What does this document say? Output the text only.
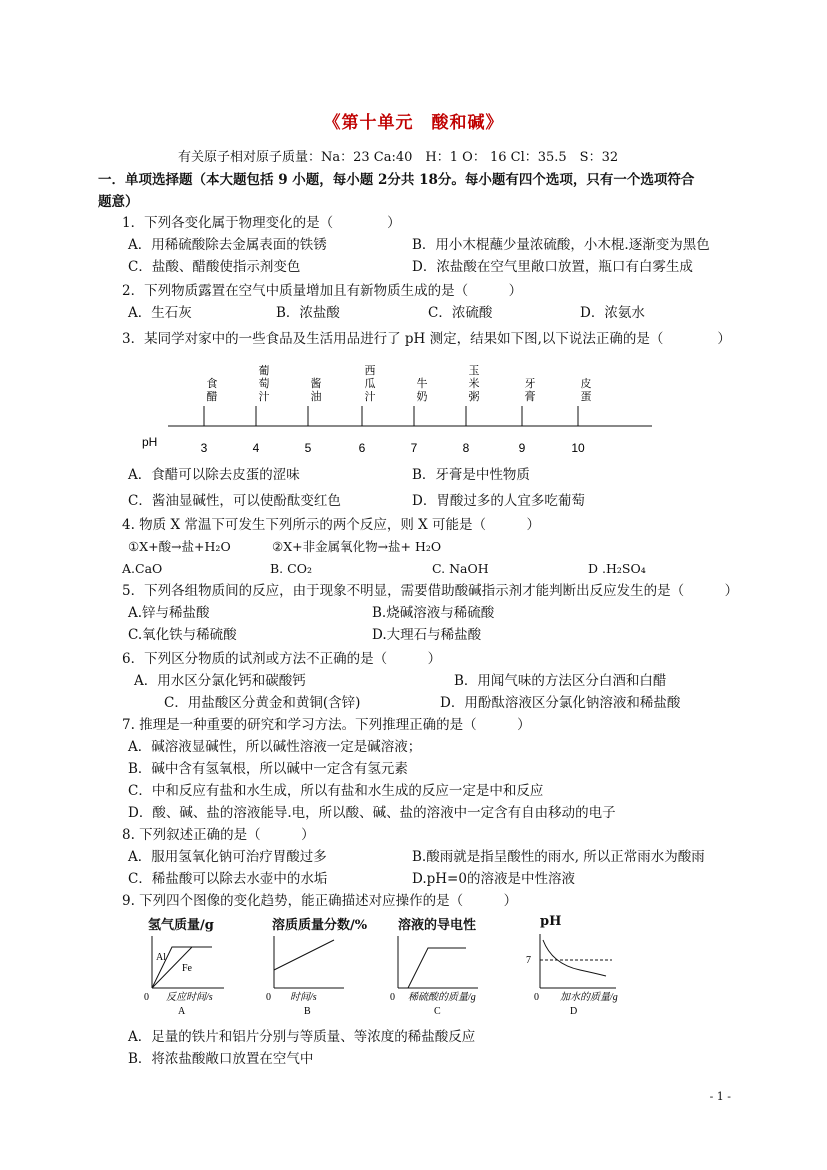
《第十单元　酸和碱》
有关原子相对原子质量：Na：23 Ca:40　H：1 O： 16 Cl：35.5　S：32
一．单项选择题（本大题包括 9 小题，每小题 2分共 18分。每小题有四个选项，只有一个选项符合
题意）
1．下列各变化属于物理变化的是（　　　　）
A．用稀硫酸除去金属表面的铁锈	B．用小木棍蘸少量浓硫酸，小木棍.逐渐变为黑色
C．盐酸、醋酸使指示剂变色	D．浓盐酸在空气里敞口放置，瓶口有白雾生成
2．下列物质露置在空气中质量增加且有新物质生成的是（　　　）
A．生石灰	B．浓盐酸	C．浓硫酸	D．浓氨水
3．某同学对家中的一些食品及生活用品进行了 pH 测定，结果如下图,以下说法正确的是（　　　　）
食
醋
葡
萄
汁
酱
油
西
瓜
汁
牛
奶
玉
米
粥
牙
膏
皮
蛋
pH	3	4	5	6	7	8	9	10
A．食醋可以除去皮蛋的涩味	B．牙膏是中性物质
C．酱油显碱性，可以使酚酞变红色	D．胃酸过多的人宜多吃葡萄
4. 物质 X 常温下可发生下列所示的两个反应，则 X 可能是（　　　）
①X+酸→盐+H₂O	②X+非金属氧化物→盐+ H₂O
A.CaO	B. CO₂	C. NaOH	D .H₂SO₄
5．下列各组物质间的反应，由于现象不明显，需要借助酸碱指示剂才能判断出反应发生的是（　　　）
A.锌与稀盐酸	B.烧碱溶液与稀硫酸
C.氧化铁与稀硫酸	D.大理石与稀盐酸
6．下列区分物质的试剂或方法不正确的是（　　　）
A．用水区分氯化钙和碳酸钙	B．用闻气味的方法区分白酒和白醋
C．用盐酸区分黄金和黄铜(含锌)	D．用酚酞溶液区分氯化钠溶液和稀盐酸
7. 推理是一种重要的研究和学习方法。下列推理正确的是（　　　）
A．碱溶液显碱性，所以碱性溶液一定是碱溶液；
B．碱中含有氢氧根，所以碱中一定含有氢元素
C．中和反应有盐和水生成，所以有盐和水生成的反应一定是中和反应
D．酸、碱、盐的溶液能导.电，所以酸、碱、盐的溶液中一定含有自由移动的电子
8. 下列叙述正确的是（　　　）
A．服用氢氧化钠可治疗胃酸过多	B.酸雨就是指呈酸性的雨水, 所以正常雨水为酸雨
C．稀盐酸可以除去水壶中的水垢	D.pH=0的溶液是中性溶液
9. 下列四个图像的变化趋势，能正确描述对应操作的是（　　　）
氢气质量/g	溶质质量分数/% 溶液的导电性	pH
Al
Fe
0 反应时间/s
A
0 时间/s
B
0 稀硫酸的质量/g
C
7
0 加水的质量/g
D
A．足量的铁片和铝片分别与等质量、等浓度的稀盐酸反应
B．将浓盐酸敞口放置在空气中
- 1 -
